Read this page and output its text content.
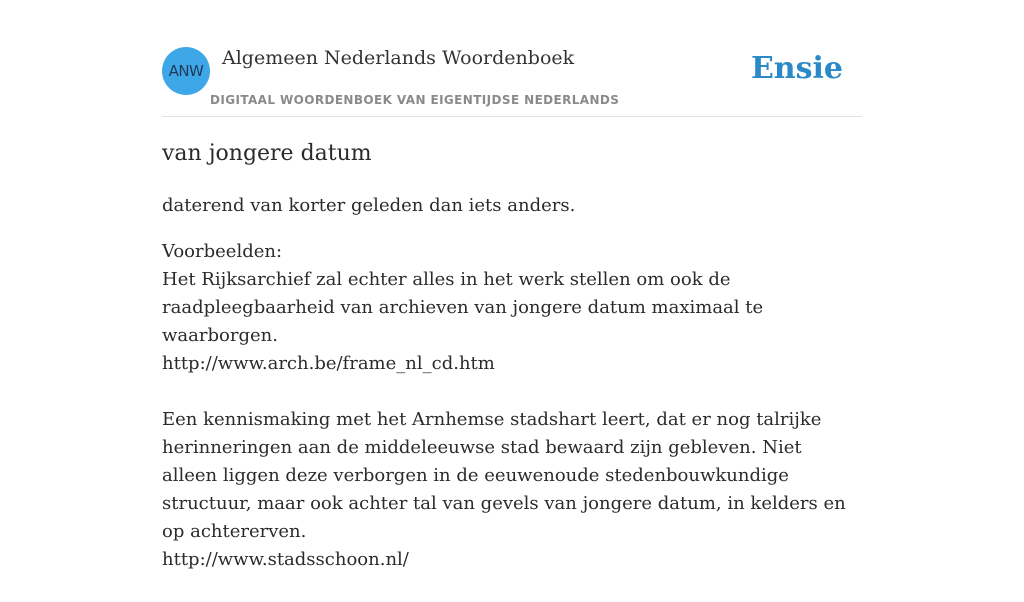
ANW
Algemeen Nederlands Woordenboek
DIGITAAL WOORDENBOEK VAN EIGENTIJDSE NEDERLANDS
Ensie
van jongere datum

daterend van korter geleden dan iets anders.

Voorbeelden:
Het Rijksarchief zal echter alles in het werk stellen om ook de raadpleegbaarheid van archieven van jongere datum maximaal te waarborgen.
http://www.arch.be/frame_nl_cd.htm
Een kennismaking met het Arnhemse stadshart leert, dat er nog talrijke herinneringen aan de middeleeuwse stad bewaard zijn gebleven. Niet alleen liggen deze verborgen in de eeuwenoude stedenbouwkundige structuur, maar ook achter tal van gevels van jongere datum, in kelders en op achtererven.
http://www.stadsschoon.nl/
